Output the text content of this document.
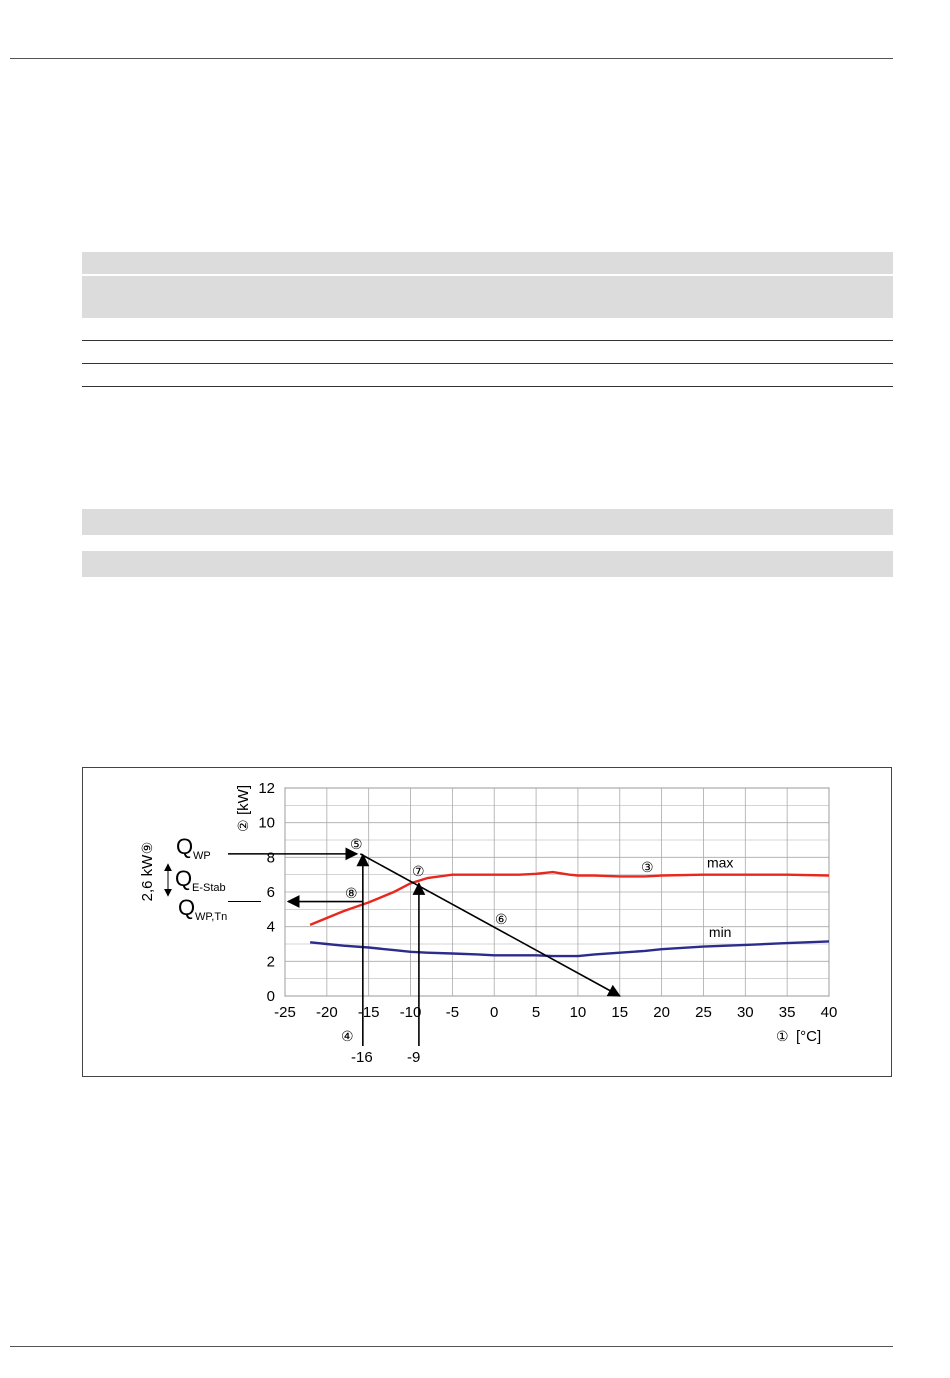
-25 -20 -15 -10 -5 0 5 10 15 20 25 30 35 40
0
2
4
6
8
10
12
max
min
②
[kW]
① [°C]
Q WP
Q E-Stab
Q WP,Tn
2,6 kW
⑨
③
④
⑤
⑥
⑦
⑧
-16 -9
